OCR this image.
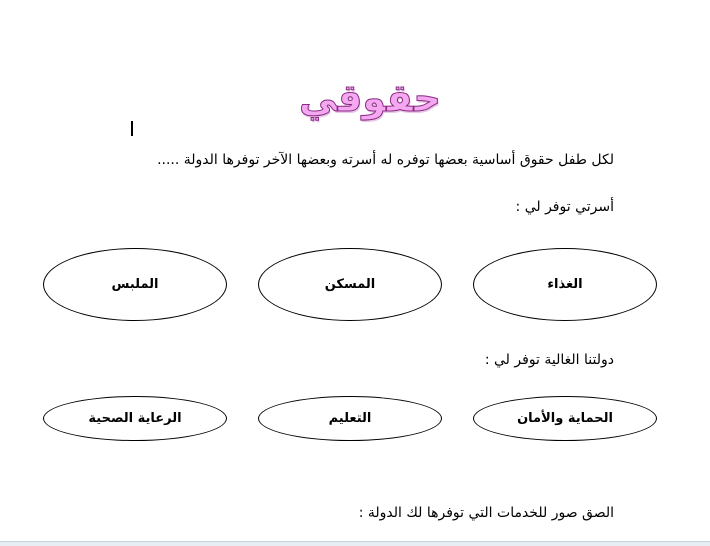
حقوقي
لكل طفل حقوق أساسية بعضها توفره له أسرته وبعضها الآخر توفرها الدولة .....
أسرتي توفر لي :
الغذاء
المسكن
الملبس
دولتنا الغالية توفر لي :
الحماية والأمان
التعليم
الرعاية الصحية
الصق صور للخدمات التي توفرها لك الدولة :
